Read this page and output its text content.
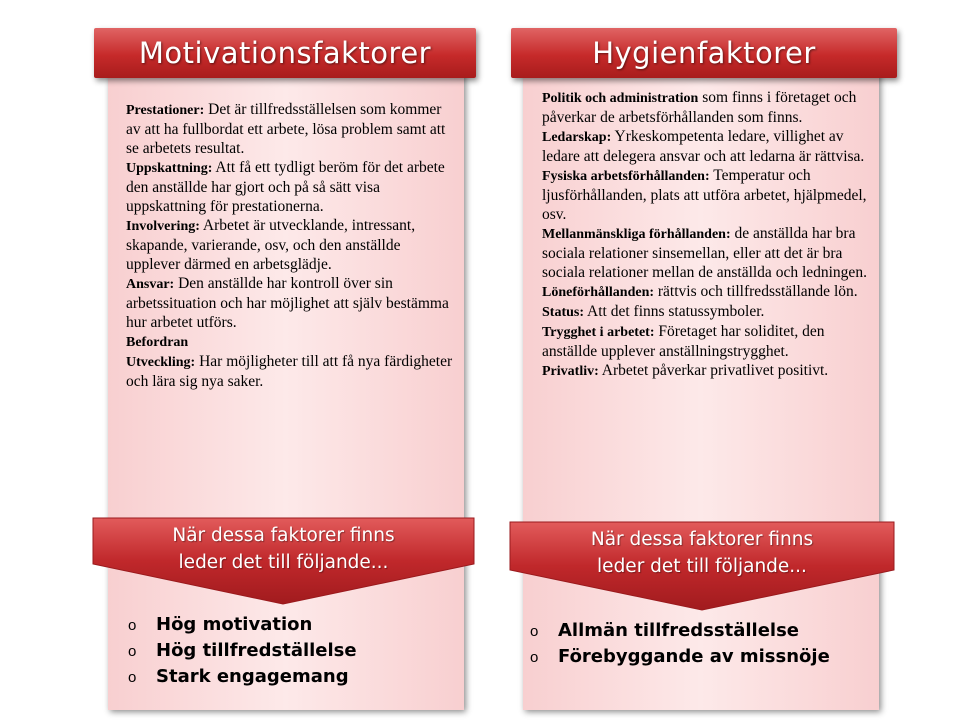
Motivationsfaktorer

Prestationer: Det är tillfredsställelsen som kommer av att ha fullbordat ett arbete, lösa problem samt att se arbetets resultat.

Uppskattning: Att få ett tydligt beröm för det arbete den anställde har gjort och på så sätt visa uppskattning för prestationerna.

Involvering: Arbetet är utvecklande, intressant, skapande, varierande, osv, och den anställde upplever därmed en arbetsglädje.

Ansvar: Den anställde har kontroll över sin arbetssituation och har möjlighet att själv bestämma hur arbetet utförs.

Befordran

Utveckling: Har möjligheter till att få nya färdigheter och lära sig nya saker.

När dessa faktorer finns
leder det till följande...
o Hög motivation
o Hög tillfredställelse
o Stark engagemang
Hygienfaktorer

Politik och administration som finns i företaget och påverkar de arbetsförhållanden som finns.

Ledarskap: Yrkeskompetenta ledare, villighet av ledare att delegera ansvar och att ledarna är rättvisa.

Fysiska arbetsförhållanden: Temperatur och ljusförhållanden, plats att utföra arbetet, hjälpmedel, osv.

Mellanmänskliga förhållanden: de anställda har bra sociala relationer sinsemellan, eller att det är bra sociala relationer mellan de anställda och ledningen.

Löneförhållanden: rättvis och tillfredsställande lön.

Status: Att det finns statussymboler.

Trygghet i arbetet: Företaget har soliditet, den anställde upplever anställningstrygghet.

Privatliv: Arbetet påverkar privatlivet positivt.

När dessa faktorer finns
leder det till följande...
o Allmän tillfredsställelse
o Förebyggande av missnöje
